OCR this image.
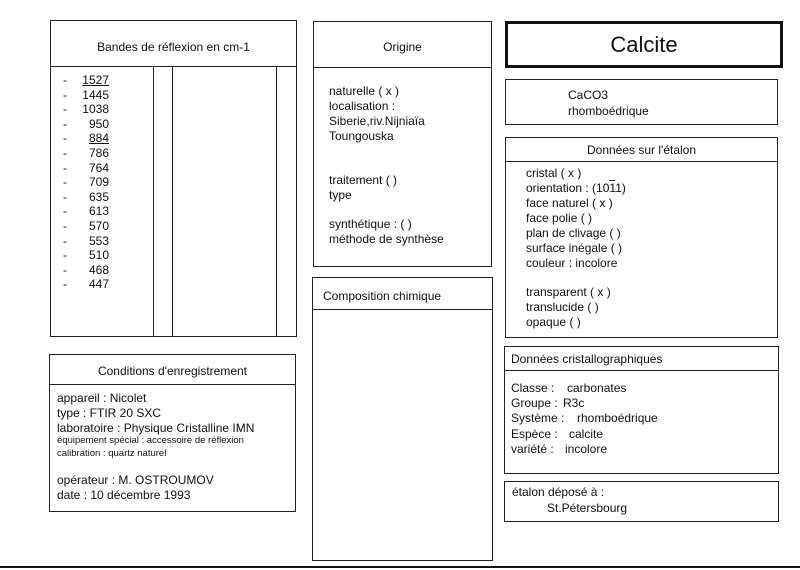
Bandes de réflexion en cm-1
- 1527
- 1445
- 1038
- 950
- 884
- 786
- 764
- 709
- 635
- 613
- 570
- 553
- 510
- 468
- 447
Origine
naturelle ( x )
localisation :
Siberie,riv.Nijniaïa
Toungouska
traitement ( )
type
synthétique : ( )
méthode de synthèse
Composition chimique
Calcite
CaCO3
rhomboédrique
Données sur l'étalon
cristal ( x )
orientation : (1011)
face naturel ( x )
face polie ( )
plan de clivage ( )
surface inégale ( )
couleur : incolore
transparent ( x )
translucide ( )
opaque ( )
Données cristallographiques
Classe : carbonates
Groupe : R3c
Système : rhomboédrique
Espèce : calcite
variété : incolore
Conditions d'enregistrement
appareil : Nicolet
type : FTIR 20 SXC
laboratoire : Physique Cristalline IMN
équipement spécial : accessoire de réflexion
calibration : quartz naturel
opérateur : M. OSTROUMOV
date : 10 décembre 1993	étalon déposé à :
St.Pétersbourg
